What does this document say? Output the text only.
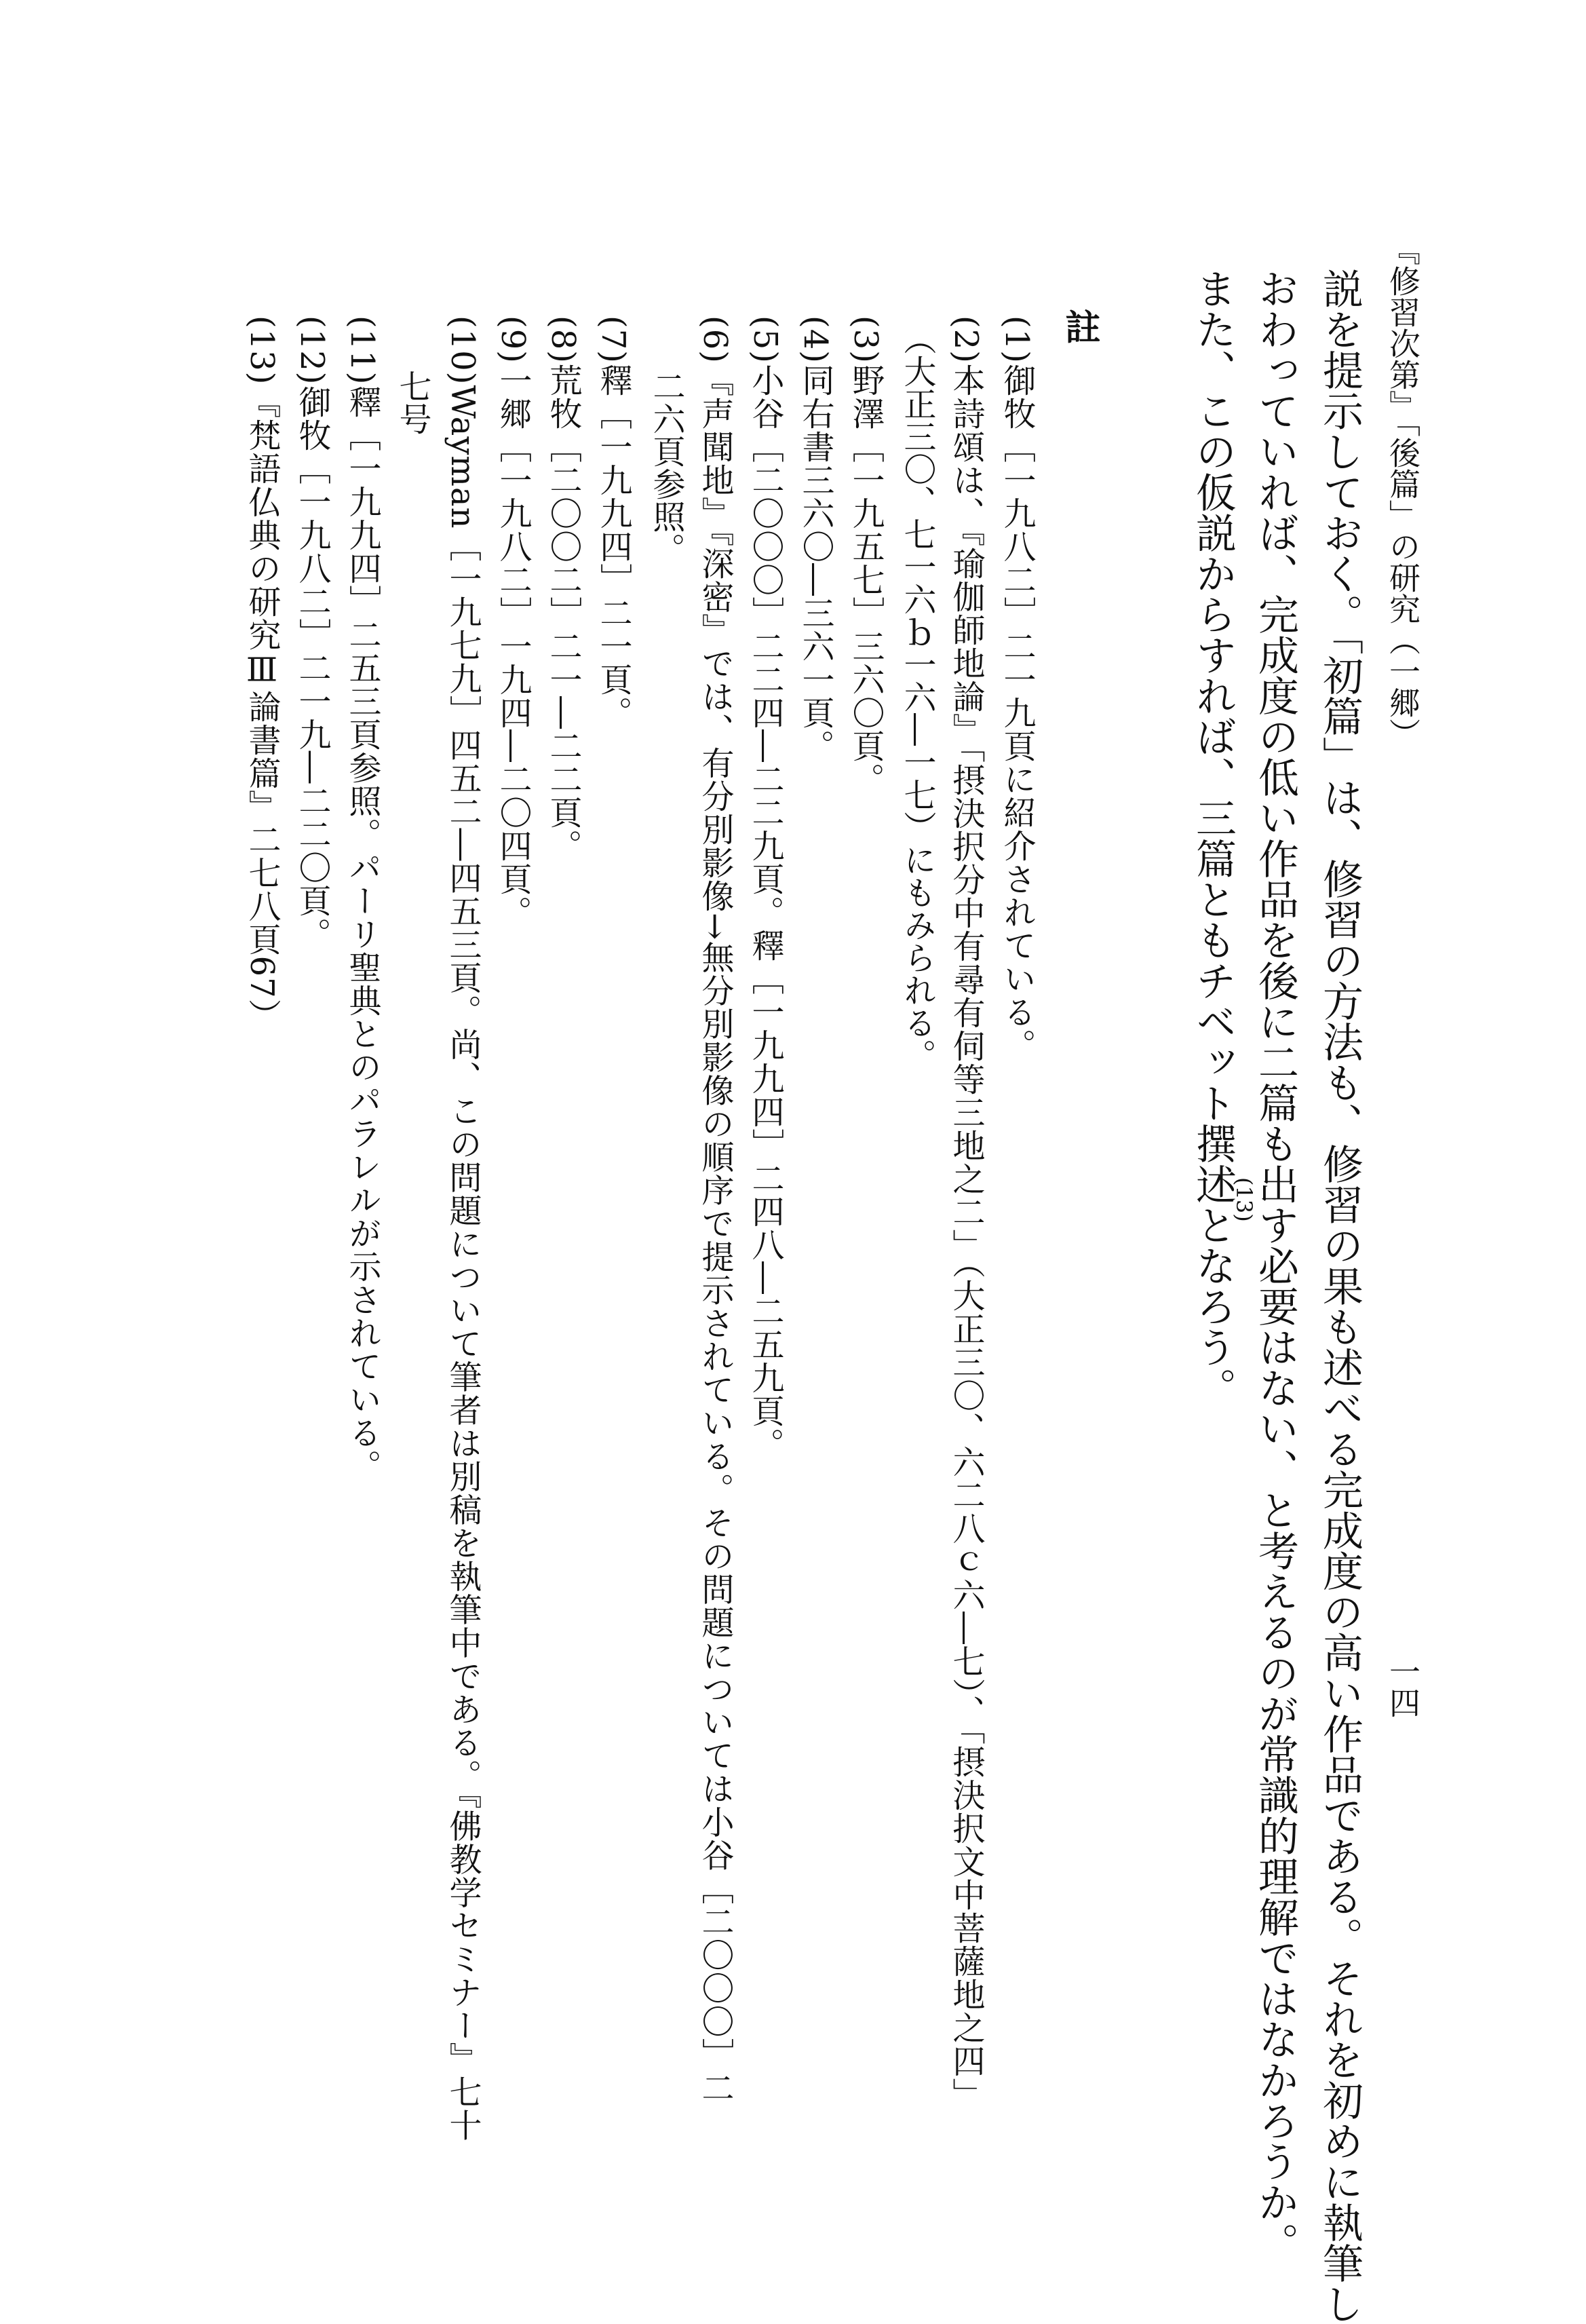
『修習次第』「後篇」の研究（一郷）
一四
説を提示しておく。「初篇」は、修習の方法も、修習の果も述べる完成度の高い作品である。それを初めに執筆し
おわっていれば、完成度の低い作品を後に二篇も出す必要はない、と考えるのが常識的理解ではなかろうか。
また、この仮説からすれば、三篇ともチベット撰述となろう。
(13)
註
(1)御牧［一九八二］二一九頁に紹介されている。
(2)本詩頌は、『瑜伽師地論』「摂決択分中有尋有伺等三地之二」（大正三〇、六二八ｃ六―七）、「摂決択文中菩薩地之四」
（大正三〇、七一六ｂ一六―一七）にもみられる。
(3)野澤［一九五七］三六〇頁。
(4)同右書三六〇―三六一頁。
(5)小谷［二〇〇〇］二二四―二二九頁。釋［一九九四］二四八―二五九頁。
(6)『声聞地』『深密』では、有分別影像→無分別影像の順序で提示されている。その問題については小谷［二〇〇〇］二
二六頁参照。
(7)釋［一九九四］二一頁。
(8)荒牧［二〇〇二］二一―二二頁。
(9)一郷［一九八二］一九四―二〇四頁。
(10)Wayman［一九七九］四五二―四五三頁。尚、この問題について筆者は別稿を執筆中である。『佛教学セミナー』七十
七号
(11)釋［一九九四］二五三頁参照。パーリ聖典とのパラレルが示されている。
(12)御牧［一九八二］二一九―二二〇頁。
(13)『梵語仏典の研究Ⅲ論書篇』二七八頁67）
